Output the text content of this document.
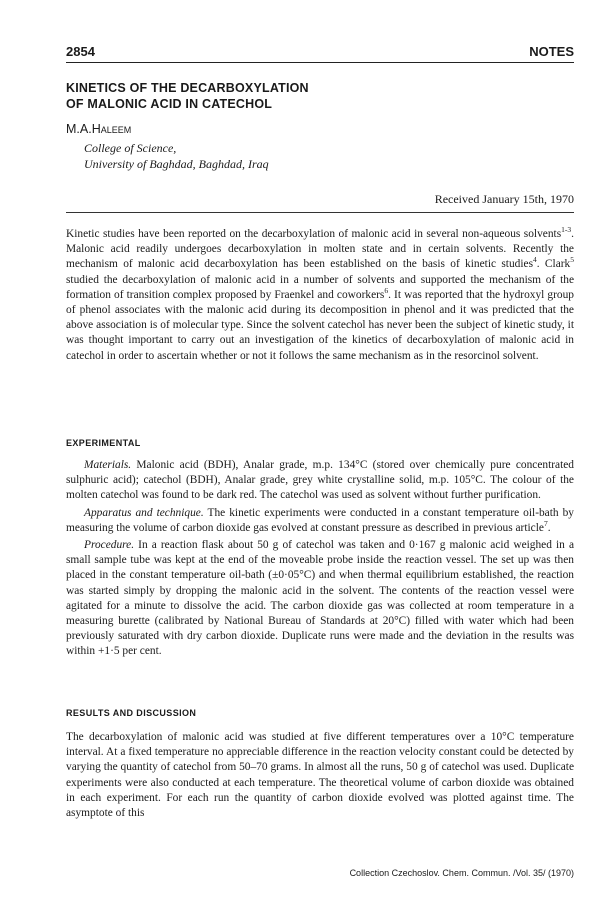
2854	NOTES
KINETICS OF THE DECARBOXYLATION
OF MALONIC ACID IN CATECHOL
M.A.Haleem
College of Science,
University of Baghdad, Baghdad, Iraq
Received January 15th, 1970

Kinetic studies have been reported on the decarboxylation of malonic acid in several non-aqueous solvents$^{1-3}$. Malonic acid readily undergoes decarboxylation in molten state and in certain solvents. Recently the mechanism of malonic acid decarboxylation has been established on the basis of kinetic studies$^4$. Clark$^5$ studied the decarboxylation of malonic acid in a number of solvents and supported the mechanism of the formation of transition complex proposed by Fraenkel and coworkers$^6$. It was reported that the hydroxyl group of phenol associates with the malonic acid during its decomposition in phenol and it was predicted that the above association is of molecular type. Since the solvent catechol has never been the subject of kinetic study, it was thought important to carry out an investigation of the kinetics of decarboxylation of malonic acid in catechol in order to ascertain whether or not it follows the same mechanism as in the resorcinol solvent.

EXPERIMENTAL

Materials. Malonic acid (BDH), Analar grade, m.p. 134°C (stored over chemically pure concentrated sulphuric acid); catechol (BDH), Analar grade, grey white crystalline solid, m.p. 105°C. The colour of the molten catechol was found to be dark red. The catechol was used as solvent without further purification.

Apparatus and technique. The kinetic experiments were conducted in a constant temperature oil-bath by measuring the volume of carbon dioxide gas evolved at constant pressure as described in previous article$^7$.

Procedure. In a reaction flask about 50 g of catechol was taken and 0·167 g malonic acid weighed in a small sample tube was kept at the end of the moveable probe inside the reaction vessel. The set up was then placed in the constant temperature oil-bath (±0·05°C) and when thermal equilibrium established, the reaction was started simply by dropping the malonic acid in the solvent. The contents of the reaction vessel were agitated for a minute to dissolve the acid. The carbon dioxide gas was collected at room temperature in a measuring burette (calibrated by National Bureau of Standards at 20°C) filled with water which had been previously saturated with dry carbon dioxide. Duplicate runs were made and the deviation in the results was within +1·5 per cent.

RESULTS AND DISCUSSION

The decarboxylation of malonic acid was studied at five different temperatures over a 10°C temperature interval. At a fixed temperature no appreciable difference in the reaction velocity constant could be detected by varying the quantity of catechol from 50–70 grams. In almost all the runs, 50 g of catechol was used. Duplicate experiments were also conducted at each temperature. The theoretical volume of carbon dioxide was obtained in each experiment. For each run the quantity of carbon dioxide evolved was plotted against time. The asymptote of this

Collection Czechoslov. Chem. Commun. /Vol. 35/ (1970)
